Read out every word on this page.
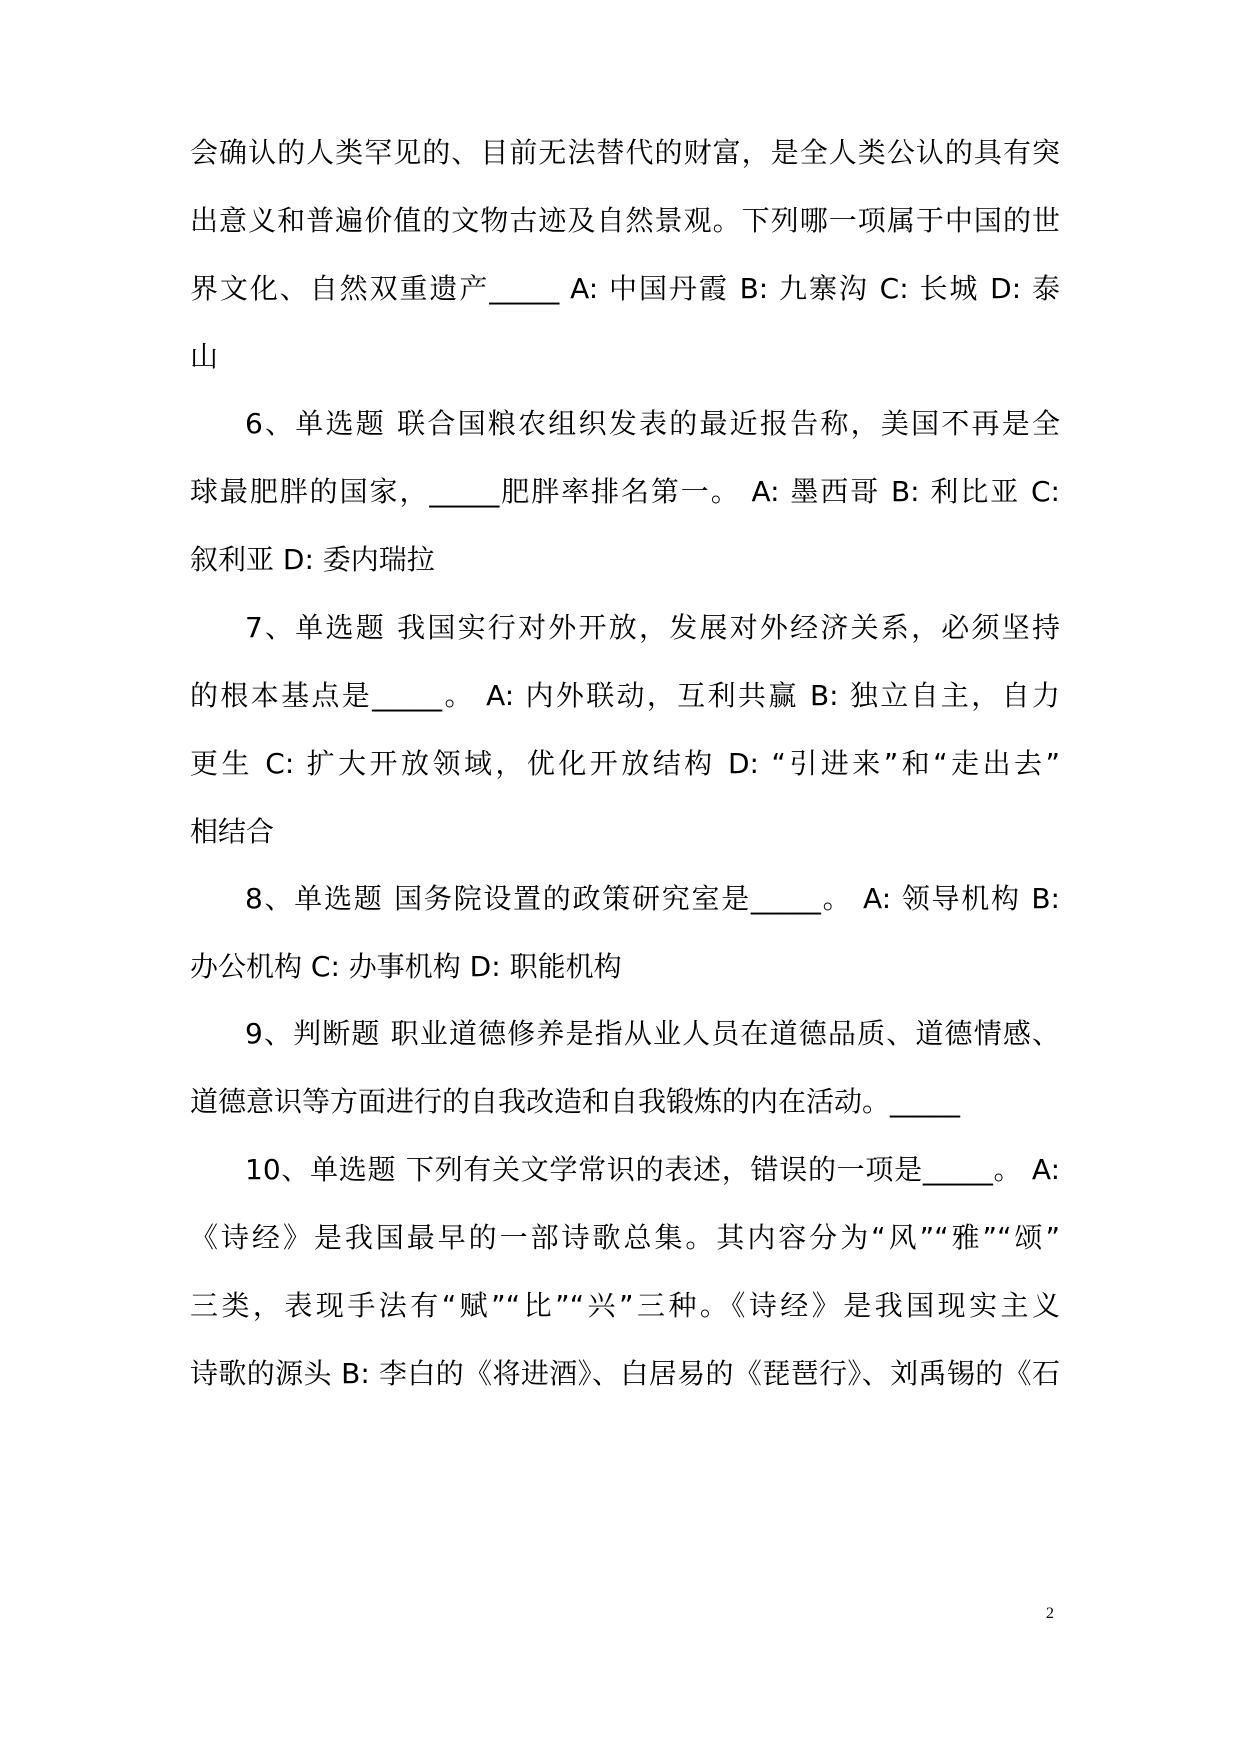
会确认的人类罕见的、目前无法替代的财富，是全人类公认的具有突
出意义和普遍价值的文物古迹及自然景观。下列哪一项属于中国的世
界文化、自然双重遗产_____ A: 中国丹霞 B: 九寨沟 C: 长城 D: 泰
山
6、单选题 联合国粮农组织发表的最近报告称，美国不再是全
球最肥胖的国家，_____肥胖率排名第一。 A: 墨西哥 B: 利比亚 C:
叙利亚 D: 委内瑞拉
7、单选题 我国实行对外开放，发展对外经济关系，必须坚持
的根本基点是_____。 A: 内外联动，互利共赢 B: 独立自主，自力
更生 C: 扩大开放领域，优化开放结构 D: “引进来”和“走出去”
相结合
8、单选题 国务院设置的政策研究室是_____。 A: 领导机构 B:
办公机构 C: 办事机构 D: 职能机构
9、判断题 职业道德修养是指从业人员在道德品质、道德情感、
道德意识等方面进行的自我改造和自我锻炼的内在活动。_____
10、单选题 下列有关文学常识的表述，错误的一项是_____。 A:
《诗经》是我国最早的一部诗歌总集。其内容分为“风”“雅”“颂”
三类，表现手法有“赋”“比”“兴”三种。《诗经》是我国现实主义
诗歌的源头 B: 李白的《将进酒》、白居易的《琵琶行》、刘禹锡的《石
2
